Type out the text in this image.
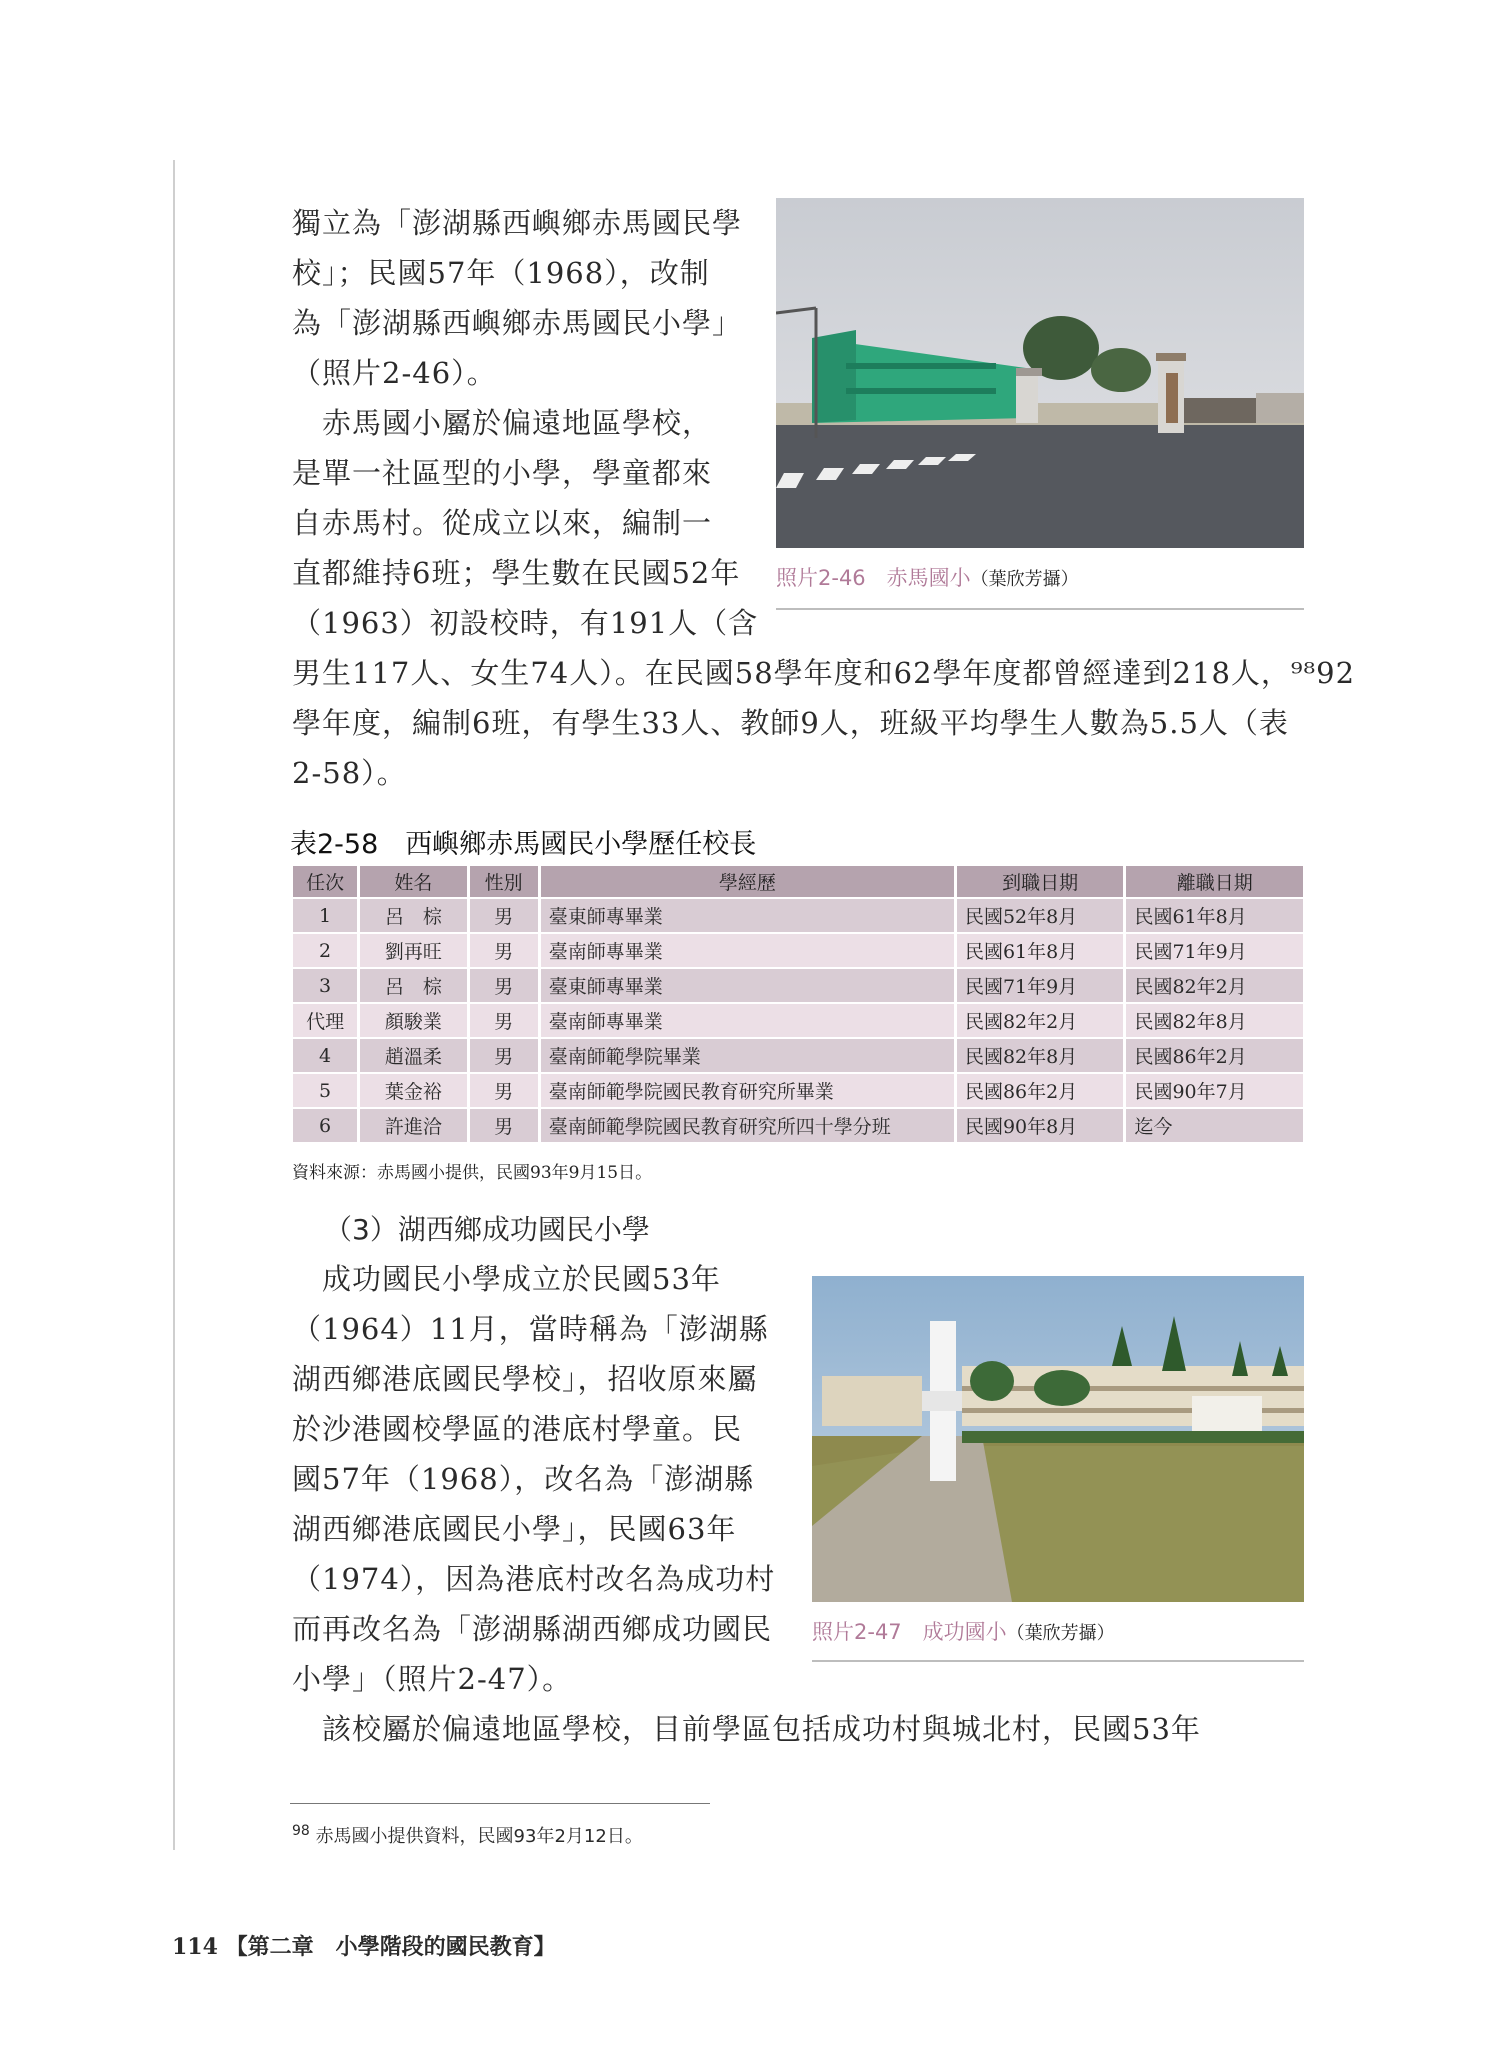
獨立為「澎湖縣西嶼鄉赤馬國民學
校」；民國57年（1968），改制
為「澎湖縣西嶼鄉赤馬國民小學」
（照片2-46）。
　赤馬國小屬於偏遠地區學校，
是單一社區型的小學，學童都來
自赤馬村。從成立以來，編制一
直都維持6班；學生數在民國52年
（1963）初設校時，有191人（含
男生117人、女生74人）。在民國58學年度和62學年度都曾經達到218人，⁹⁸92
學年度，編制6班，有學生33人、教師9人，班級平均學生人數為5.5人（表
2-58）。
照片2-46　赤馬國小（葉欣芳攝）
表2-58　西嶼鄉赤馬國民小學歷任校長
任次	姓名	性別	學經歷	到職日期	離職日期
1	呂　棕	男	臺東師專畢業	民國52年8月	民國61年8月
2	劉再旺	男	臺南師專畢業	民國61年8月	民國71年9月
3	呂　棕	男	臺東師專畢業	民國71年9月	民國82年2月
代理	顏駿業	男	臺南師專畢業	民國82年2月	民國82年8月
4	趙溫柔	男	臺南師範學院畢業	民國82年8月	民國86年2月
5	葉金裕	男	臺南師範學院國民教育研究所畢業	民國86年2月	民國90年7月
6	許進洽	男	臺南師範學院國民教育研究所四十學分班	民國90年8月	迄今
資料來源：赤馬國小提供，民國93年9月15日。
（3）湖西鄉成功國民小學
　成功國民小學成立於民國53年
（1964）11月，當時稱為「澎湖縣
湖西鄉港底國民學校」，招收原來屬
於沙港國校學區的港底村學童。民
國57年（1968），改名為「澎湖縣
湖西鄉港底國民小學」，民國63年
（1974），因為港底村改名為成功村
而再改名為「澎湖縣湖西鄉成功國民
小學」（照片2-47）。
　該校屬於偏遠地區學校，目前學區包括成功村與城北村，民國53年
照片2-47　成功國小（葉欣芳攝）
$^{98}$ 赤馬國小提供資料，民國93年2月12日。
114 【第二章　小學階段的國民教育】
